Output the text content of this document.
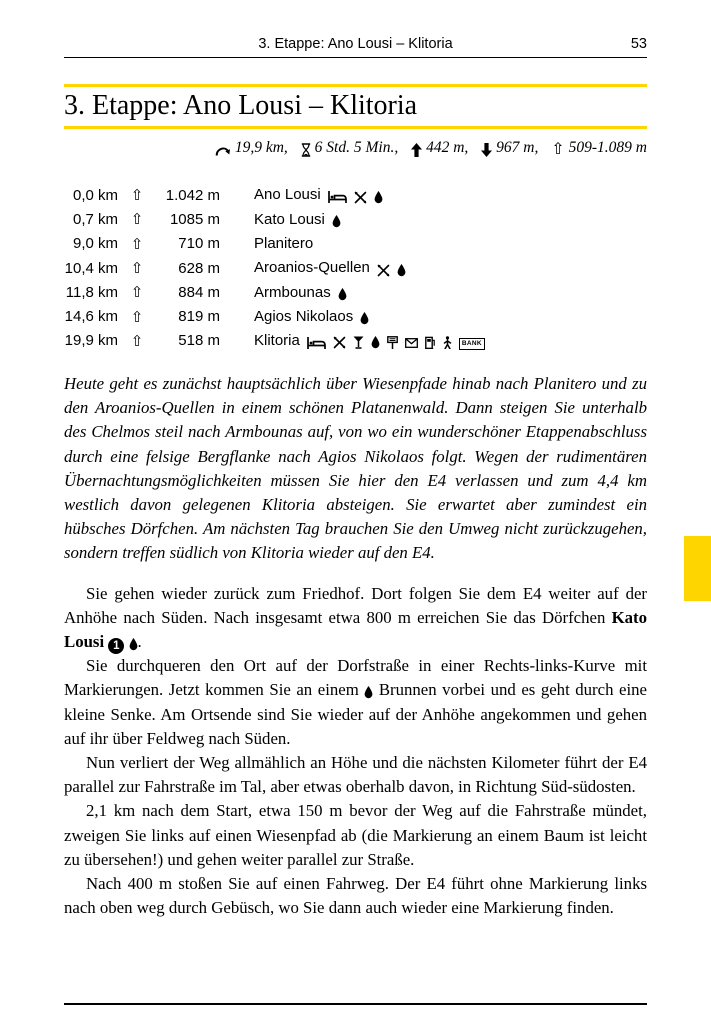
3. Etappe: Ano Lousi – Klitoria	53
3. Etappe: Ano Lousi – Klitoria
19,9 km, 6 Std. 5 Min., 442 m, 967 m, ⇧ 509-1.089 m
0,0 km ⇧	1.042 m Ano Lousi
0,7 km ⇧	1085 m Kato Lousi
9,0 km ⇧	710 m Planitero
10,4 km ⇧	628 m Aroanios-Quellen
11,8 km ⇧	884 m Armbounas
14,6 km ⇧	819 m Agios Nikolaos
19,9 km ⇧	518 m Klitoria	BANK

Heute geht es zunächst hauptsächlich über Wiesenpfade hinab nach Planitero und zu den Aroanios-Quellen in einem schönen Platanenwald. Dann steigen Sie unterhalb des Chelmos steil nach Armbounas auf, von wo ein wunderschöner Etappenabschluss durch eine felsige Bergflanke nach Agios Nikolaos folgt. Wegen der rudimentären Übernachtungsmöglichkeiten müssen Sie hier den E4 verlassen und zum 4,4 km westlich davon gelegenen Klitoria absteigen. Sie erwartet aber zumindest ein hübsches Dörfchen. Am nächsten Tag brauchen Sie den Umweg nicht zurückzugehen, sondern treffen südlich von Klitoria wieder auf den E4.

Sie gehen wieder zurück zum Friedhof. Dort folgen Sie dem E4 weiter auf der Anhöhe nach Süden. Nach insgesamt etwa 800 m erreichen Sie das Dörfchen Kato Lousi 1 .

Sie durchqueren den Ort auf der Dorfstraße in einer Rechts-links-Kurve mit Markierungen. Jetzt kommen Sie an einem  Brunnen vorbei und es geht durch eine kleine Senke. Am Ortsende sind Sie wieder auf der Anhöhe angekommen und gehen auf ihr über Feldweg nach Süden.

Nun verliert der Weg allmählich an Höhe und die nächsten Kilometer führt der E4 parallel zur Fahrstraße im Tal, aber etwas oberhalb davon, in Richtung Süd-südosten.

2,1 km nach dem Start, etwa 150 m bevor der Weg auf die Fahrstraße mündet, zweigen Sie links auf einen Wiesenpfad ab (die Markierung an einem Baum ist leicht zu übersehen!) und gehen weiter parallel zur Straße.

Nach 400 m stoßen Sie auf einen Fahrweg. Der E4 führt ohne Markierung links nach oben weg durch Gebüsch, wo Sie dann auch wieder eine Markierung finden.
